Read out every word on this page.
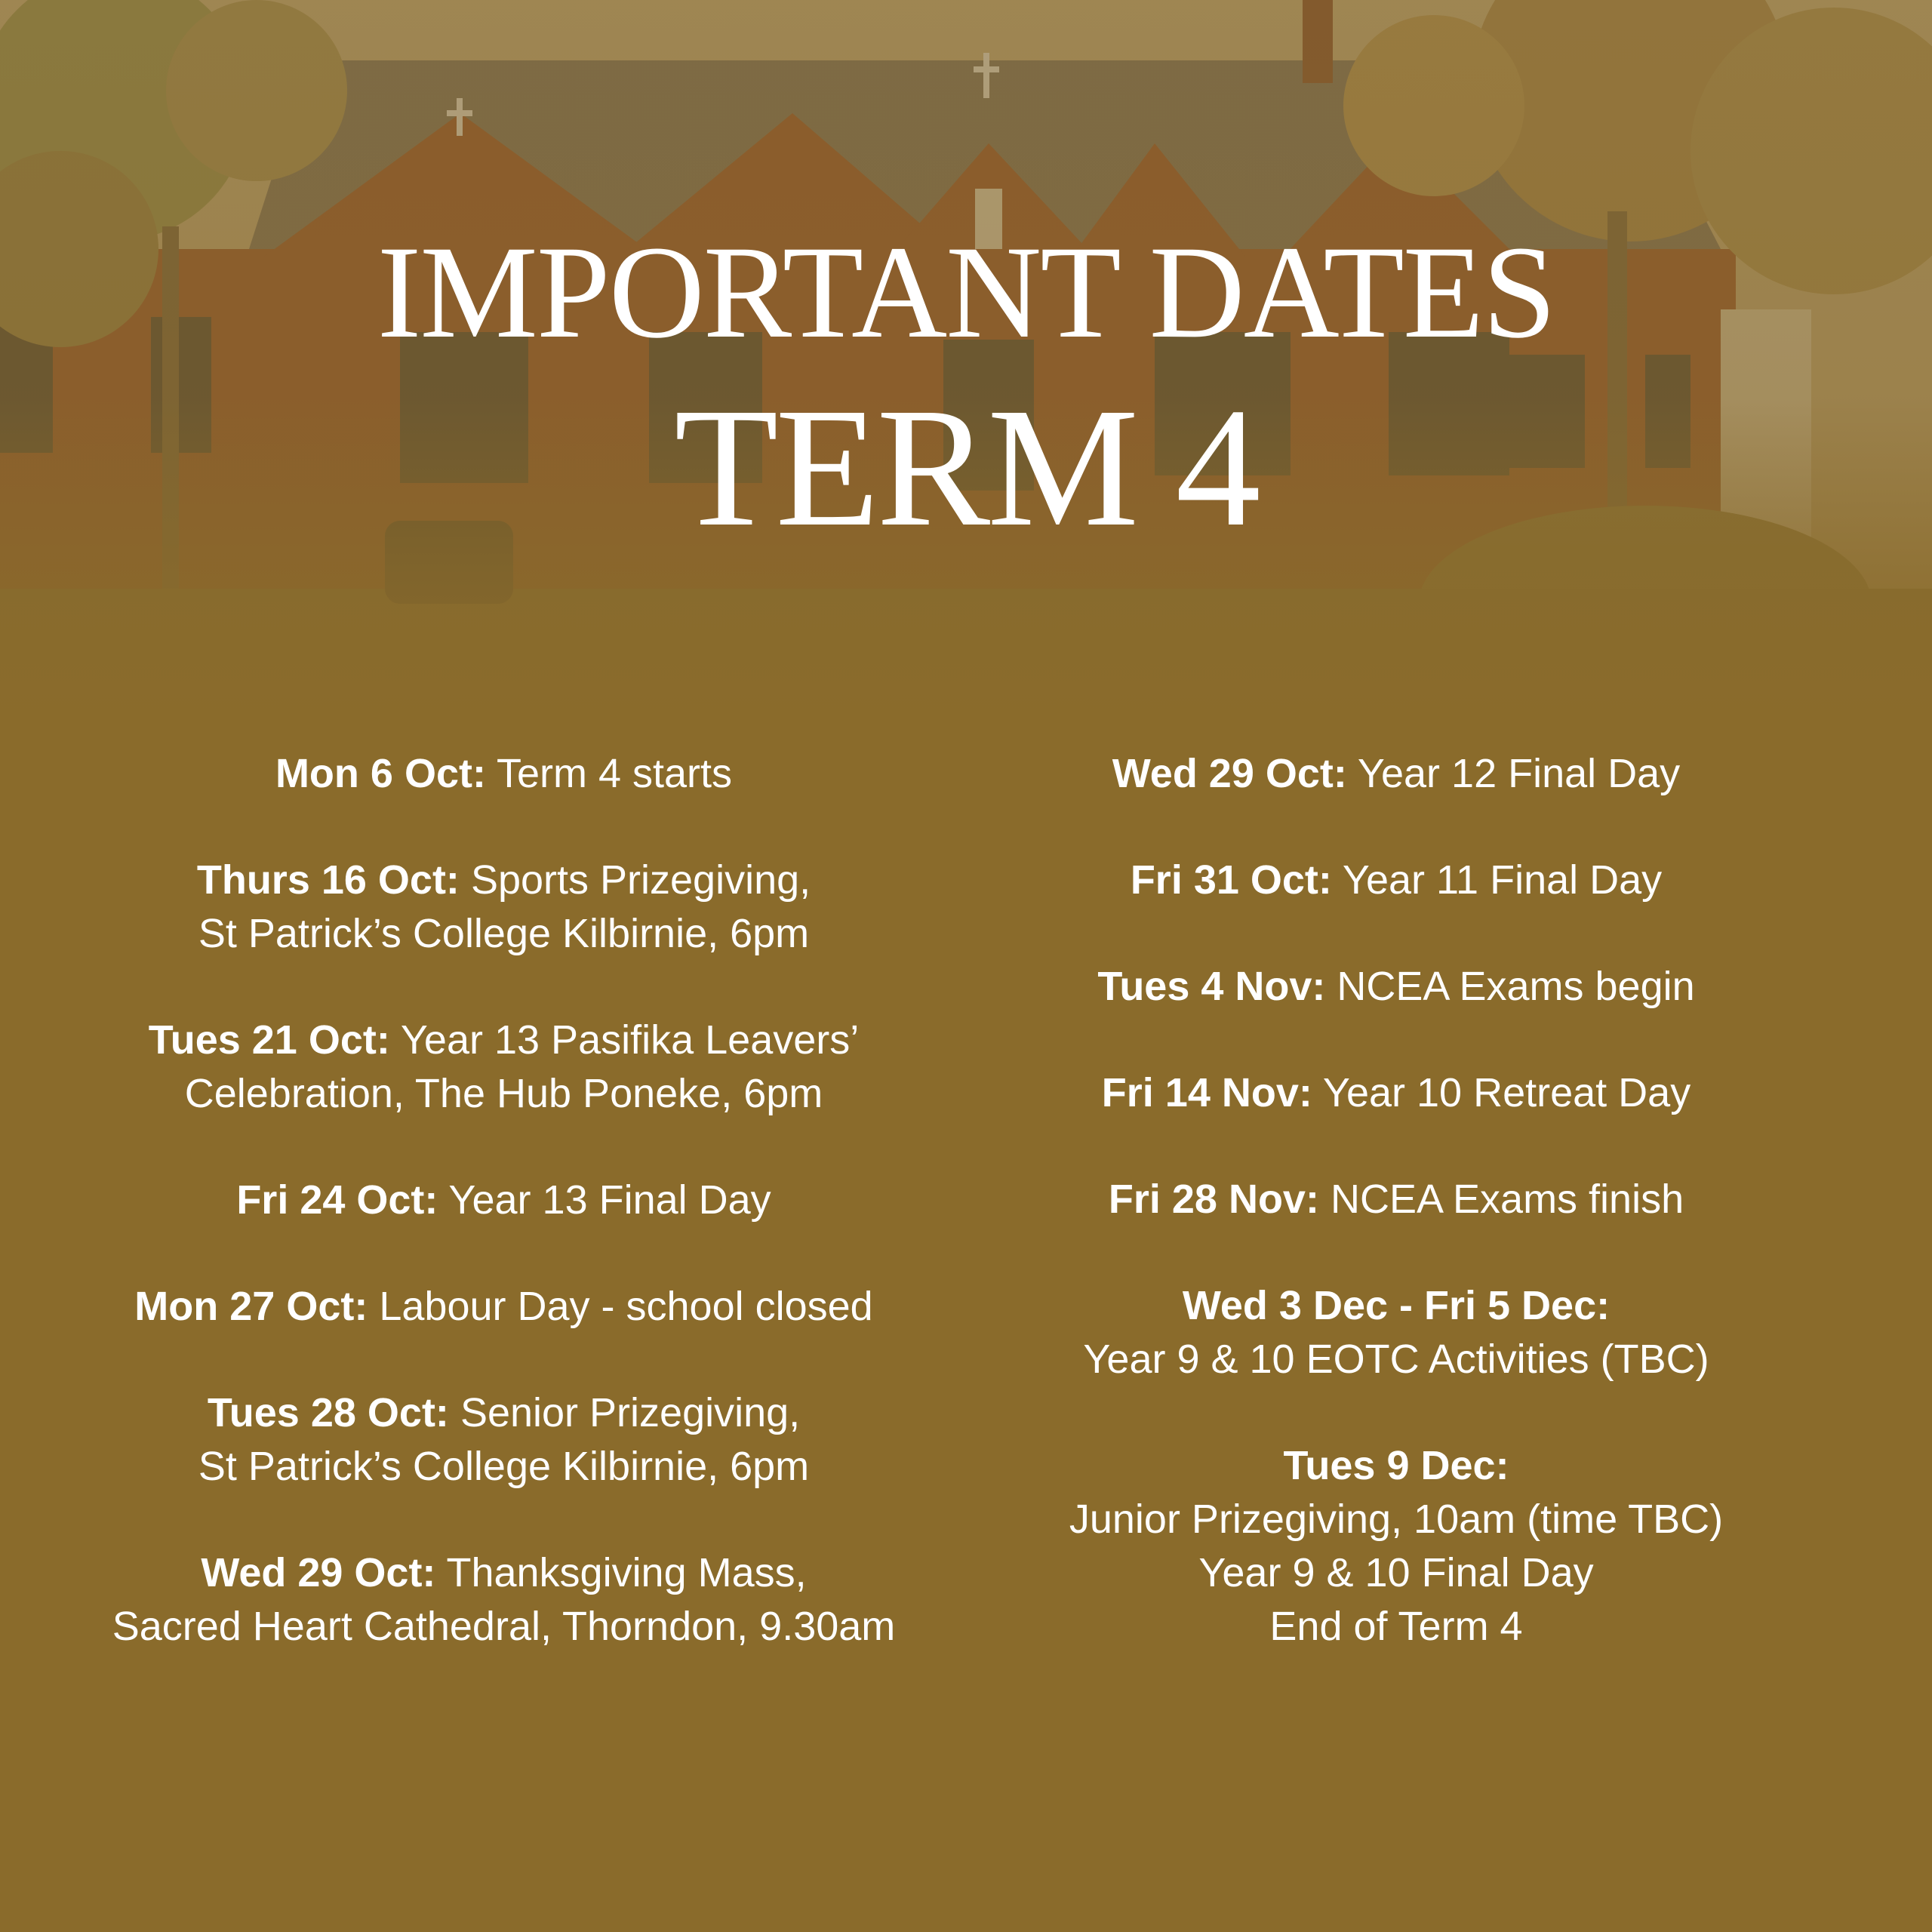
IMPORTANT DATES
TERM 4
Mon 6 Oct: Term 4 starts
Thurs 16 Oct: Sports Prizegiving,
St Patrick’s College Kilbirnie, 6pm
Tues 21 Oct: Year 13 Pasifika Leavers’
Celebration, The Hub Poneke, 6pm
Fri 24 Oct: Year 13 Final Day
Mon 27 Oct: Labour Day - school closed
Tues 28 Oct: Senior Prizegiving,
St Patrick’s College Kilbirnie, 6pm
Wed 29 Oct: Thanksgiving Mass,
Sacred Heart Cathedral, Thorndon, 9.30am
Wed 29 Oct: Year 12 Final Day
Fri 31 Oct: Year 11 Final Day
Tues 4 Nov: NCEA Exams begin
Fri 14 Nov: Year 10 Retreat Day
Fri 28 Nov: NCEA Exams finish
Wed 3 Dec - Fri 5 Dec:
Year 9 & 10 EOTC Activities (TBC)
Tues 9 Dec:
Junior Prizegiving, 10am (time TBC)
Year 9 & 10 Final Day
End of Term 4
